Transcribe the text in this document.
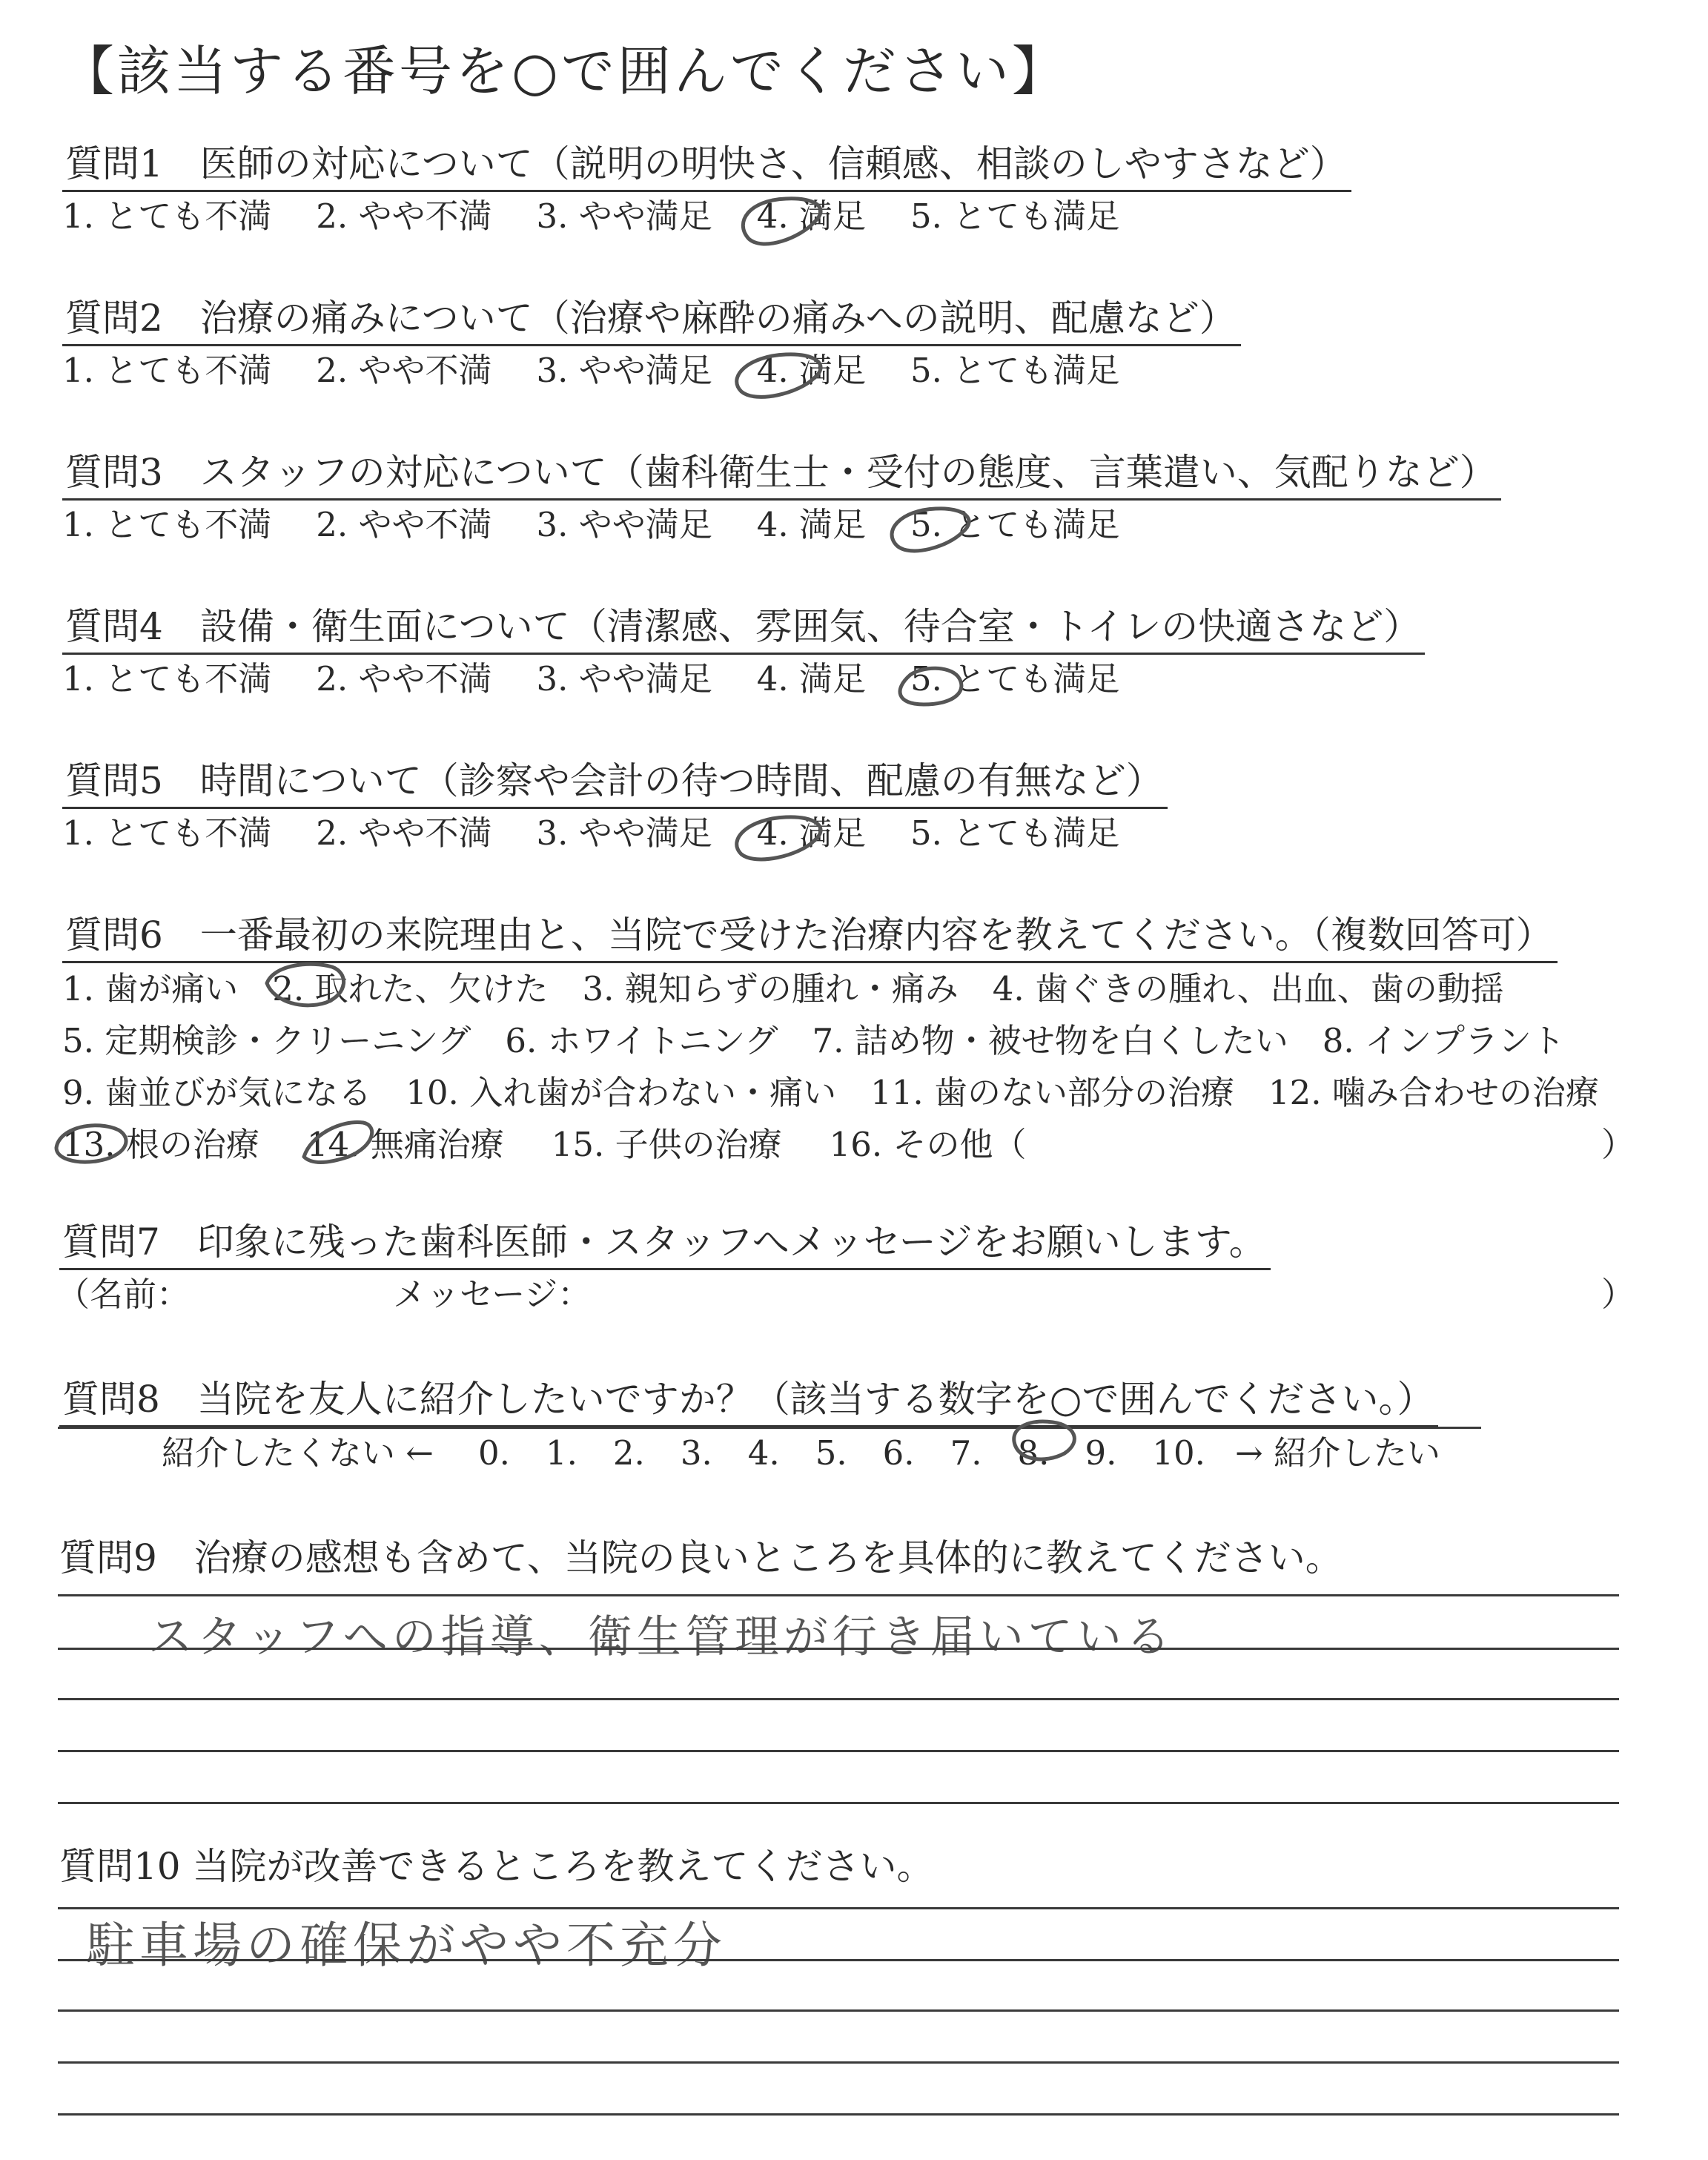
【該当する番号を○で囲んでください】
質問1　医師の対応について（説明の明快さ、信頼感、相談のしやすさなど）
1. とても不満 2. やや不満 3. やや満足 4. 満足 5. とても満足
質問2　治療の痛みについて（治療や麻酔の痛みへの説明、配慮など）
1. とても不満 2. やや不満 3. やや満足 4. 満足 5. とても満足
質問3　スタッフの対応について（歯科衛生士・受付の態度、言葉遣い、気配りなど）
1. とても不満 2. やや不満 3. やや満足 4. 満足 5. とても満足
質問4　設備・衛生面について（清潔感、雰囲気、待合室・トイレの快適さなど）
1. とても不満 2. やや不満 3. やや満足 4. 満足 5. とても満足
質問5　時間について（診察や会計の待つ時間、配慮の有無など）
1. とても不満 2. やや不満 3. やや満足 4. 満足 5. とても満足
質問6　一番最初の来院理由と、当院で受けた治療内容を教えてください。（複数回答可）
1. 歯が痛い 2. 取れた、欠けた 3. 親知らずの腫れ・痛み 4. 歯ぐきの腫れ、出血、歯の動揺
5. 定期検診・クリーニング 6. ホワイトニング 7. 詰め物・被せ物を白くしたい 8. インプラント
9. 歯並びが気になる 10. 入れ歯が合わない・痛い 11. 歯のない部分の治療 12. 噛み合わせの治療
13. 根の治療 14. 無痛治療 15. 子供の治療 16. その他（	）
質問7　印象に残った歯科医師・スタッフへメッセージをお願いします。
（名前：	メッセージ：	）
質問8　当院を友人に紹介したいですか？（該当する数字を○で囲んでください。）
紹介したくない ← 0. 1. 2. 3. 4. 5. 6. 7. 8. 9. 10. → 紹介したい
質問9　治療の感想も含めて、当院の良いところを具体的に教えてください。
スタッフへの指導、衛生管理が行き届いている
質問10 当院が改善できるところを教えてください。
駐車場の確保がやや不充分
